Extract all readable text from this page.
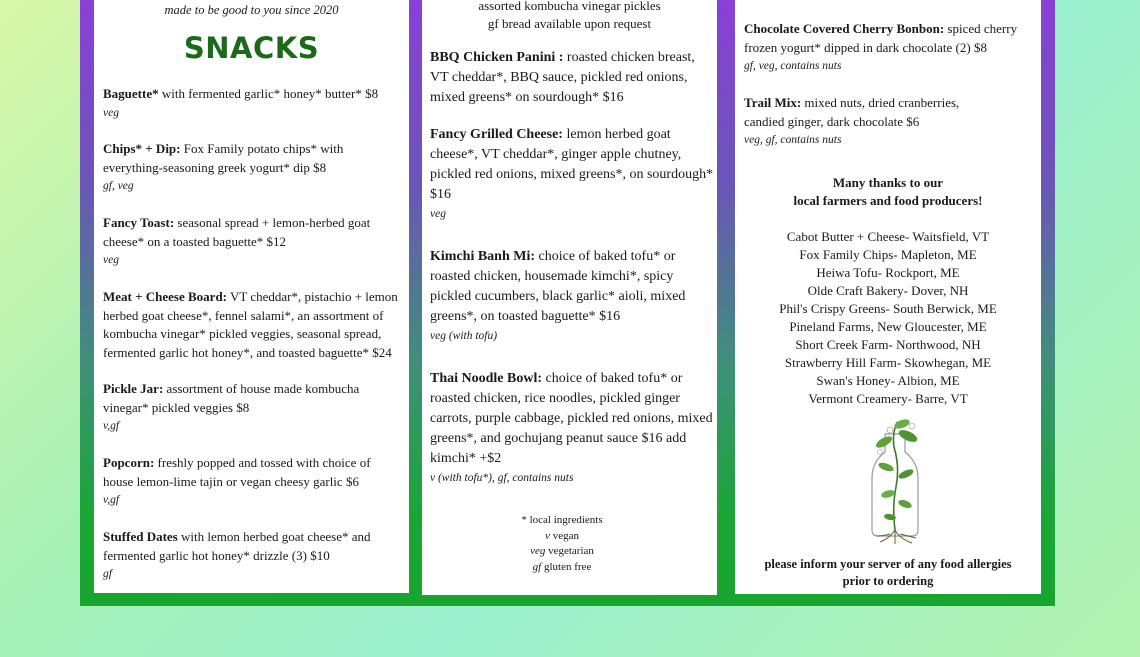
made to be good to you since 2020
SNACKS
Baguette* with fermented garlic* honey* butter* $8
veg
Chips* + Dip: Fox Family potato chips* with everything-seasoning greek yogurt* dip $8
gf, veg
Fancy Toast: seasonal spread + lemon-herbed goat cheese* on a toasted baguette* $12
veg
Meat + Cheese Board: VT cheddar*, pistachio + lemon herbed goat cheese*, fennel salami*, an assortment of kombucha vinegar* pickled veggies, seasonal spread, fermented garlic hot honey*, and toasted baguette* $24
Pickle Jar: assortment of house made kombucha vinegar* pickled veggies $8
v,gf
Popcorn: freshly popped and tossed with choice of house lemon-lime tajin or vegan cheesy garlic $6
v,gf
Stuffed Dates with lemon herbed goat cheese* and fermented garlic hot honey* drizzle (3) $10
gf
assorted kombucha vinegar pickles
gf bread available upon request
BBQ Chicken Panini : roasted chicken breast, VT cheddar*, BBQ sauce, pickled red onions, mixed greens* on sourdough* $16
Fancy Grilled Cheese: lemon herbed goat cheese*, VT cheddar*, ginger apple chutney, pickled red onions, mixed greens*, on sourdough* $16
veg
Kimchi Banh Mi: choice of baked tofu* or roasted chicken, housemade kimchi*, spicy pickled cucumbers, black garlic* aioli, mixed greens*, on toasted baguette* $16
veg (with tofu)
Thai Noodle Bowl: choice of baked tofu* or roasted chicken, rice noodles, pickled ginger carrots, purple cabbage, pickled red onions, mixed greens*, and gochujang peanut sauce $16 add kimchi* +$2
v (with tofu*), gf, contains nuts
* local ingredients
v vegan
veg vegetarian
gf gluten free
Chocolate Covered Cherry Bonbon: spiced cherry frozen yogurt* dipped in dark chocolate (2) $8
gf, veg, contains nuts
Trail Mix: mixed nuts, dried cranberries, candied ginger, dark chocolate $6
veg, gf, contains nuts
Many thanks to our
local farmers and food producers!
Cabot Butter + Cheese- Waitsfield, VT
Fox Family Chips- Mapleton, ME
Heiwa Tofu- Rockport, ME
Olde Craft Bakery- Dover, NH
Phil's Crispy Greens- South Berwick, ME
Pineland Farms, New Gloucester, ME
Short Creek Farm- Northwood, NH
Strawberry Hill Farm- Skowhegan, ME
Swan's Honey- Albion, ME
Vermont Creamery- Barre, VT
please inform your server of any food allergies
prior to ordering
